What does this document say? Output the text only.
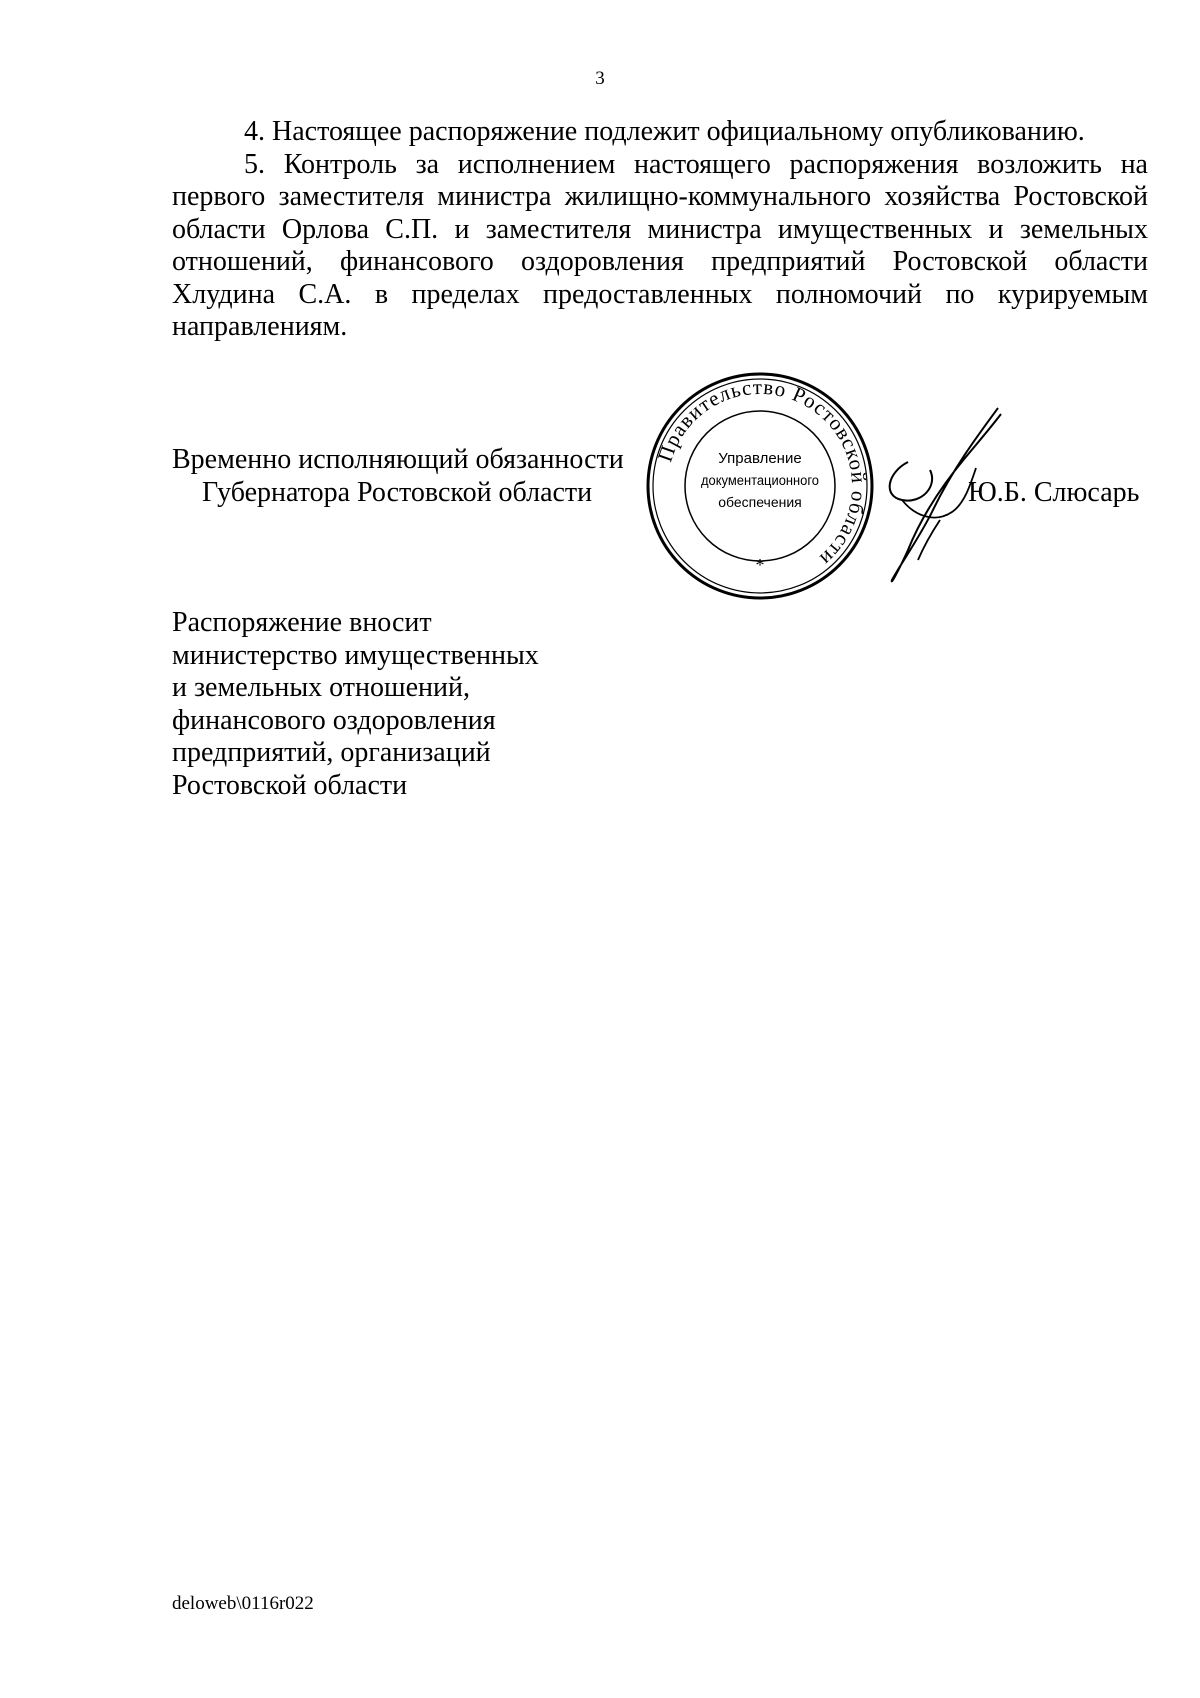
3

4. Настоящее распоряжение подлежит официальному опубликованию.

5. Контроль за исполнением настоящего распоряжения возложить на первого заместителя министра жилищно-коммунального хозяйства Ростовской области Орлова С.П. и заместителя министра имущественных и земельных отношений, финансового оздоровления предприятий Ростовской области Хлудина С.А. в пределах предоставленных полномочий по курируемым направлениям.

Временно исполняющий обязанности

Губернатора Ростовской области

Правительство Ростовской области
Управление
документационного
обеспечения
*
Ю.Б. Слюсарь
Распоряжение вносит
министерство имущественных
и земельных отношений,
финансового оздоровления
предприятий, организаций
Ростовской области
deloweb\0116r022
